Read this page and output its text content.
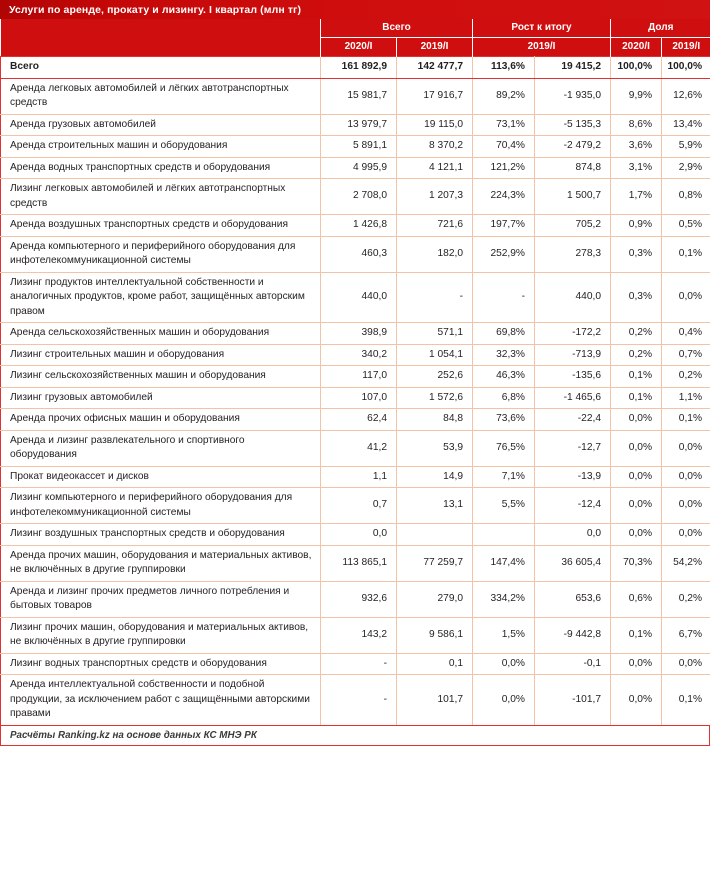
Услуги по аренде, прокату и лизингу. I квартал (млн тг)
	Всего		Рост к итогу		Доля	
	2020/I	2019/I	2019/I		2020/I	2019/I
Всего	161 892,9	142 477,7	113,6%	19 415,2	100,0%	100,0%
Аренда легковых автомобилей и лёгких автотранспортных средств	15 981,7	17 916,7	89,2%	-1 935,0	9,9%	12,6%
Аренда грузовых автомобилей	13 979,7	19 115,0	73,1%	-5 135,3	8,6%	13,4%
Аренда строительных машин и оборудования	5 891,1	8 370,2	70,4%	-2 479,2	3,6%	5,9%
Аренда водных транспортных средств и оборудования	4 995,9	4 121,1	121,2%	874,8	3,1%	2,9%
Лизинг легковых автомобилей и лёгких автотранспортных средств	2 708,0	1 207,3	224,3%	1 500,7	1,7%	0,8%
Аренда воздушных транспортных средств и оборудования	1 426,8	721,6	197,7%	705,2	0,9%	0,5%
Аренда компьютерного и периферийного оборудования для инфотелекоммуникационной системы	460,3	182,0	252,9%	278,3	0,3%	0,1%
Лизинг продуктов интеллектуальной собственности и аналогичных продуктов, кроме работ, защищённых авторским правом	440,0	-	-	440,0	0,3%	0,0%
Аренда сельскохозяйственных машин и оборудования	398,9	571,1	69,8%	-172,2	0,2%	0,4%
Лизинг строительных машин и оборудования	340,2	1 054,1	32,3%	-713,9	0,2%	0,7%
Лизинг сельскохозяйственных машин и оборудования	117,0	252,6	46,3%	-135,6	0,1%	0,2%
Лизинг грузовых автомобилей	107,0	1 572,6	6,8%	-1 465,6	0,1%	1,1%
Аренда прочих офисных машин и оборудования	62,4	84,8	73,6%	-22,4	0,0%	0,1%
Аренда и лизинг развлекательного и спортивного оборудования	41,2	53,9	76,5%	-12,7	0,0%	0,0%
Прокат видеокассет и дисков	1,1	14,9	7,1%	-13,9	0,0%	0,0%
Лизинг компьютерного и периферийного оборудования для инфотелекоммуникационной системы	0,7	13,1	5,5%	-12,4	0,0%	0,0%
Лизинг воздушных транспортных средств и оборудования	0,0			0,0	0,0%	0,0%
Аренда прочих машин, оборудования и материальных активов, не включённых в другие группировки	113 865,1	77 259,7	147,4%	36 605,4	70,3%	54,2%
Аренда и лизинг прочих предметов личного потребления и бытовых товаров	932,6	279,0	334,2%	653,6	0,6%	0,2%
Лизинг прочих машин, оборудования и материальных активов, не включённых в другие группировки	143,2	9 586,1	1,5%	-9 442,8	0,1%	6,7%
Лизинг водных транспортных средств и оборудования	-	0,1	0,0%	-0,1	0,0%	0,0%
Аренда интеллектуальной собственности и подобной продукции, за исключением работ с защищёнными авторскими правами	-	101,7	0,0%	-101,7	0,0%	0,1%
Расчёты Ranking.kz на основе данных КС МНЭ РК
